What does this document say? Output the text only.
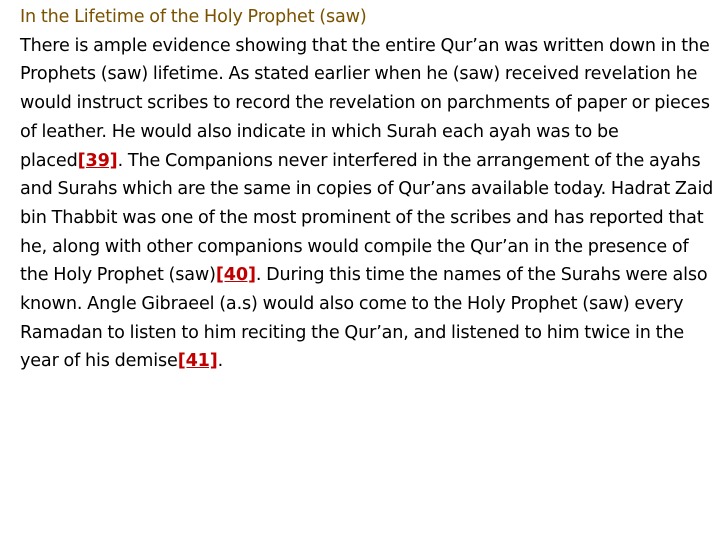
In the Lifetime of the Holy Prophet (saw)
There is ample evidence showing that the entire Qur’an was written down in the Prophets (saw) lifetime. As stated earlier when he (saw) received revelation he would instruct scribes to record the revelation on parchments of paper or pieces of leather. He would also indicate in which Surah each ayah was to be placed[39]. The Companions never interfered in the arrangement of the ayahs and Surahs which are the same in copies of Qur’ans available today. Hadrat Zaid bin Thabbit was one of the most prominent of the scribes and has reported that he, along with other companions would compile the Qur’an in the presence of the Holy Prophet (saw)[40]. During this time the names of the Surahs were also known. Angle Gibraeel (a.s) would also come to the Holy Prophet (saw) every Ramadan to listen to him reciting the Qur’an, and listened to him twice in the year of his demise[41].
